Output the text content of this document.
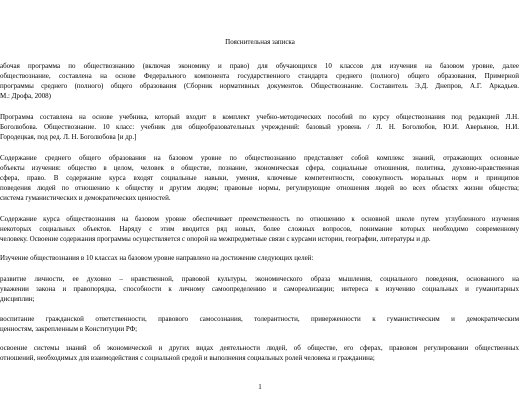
Пояснительная записка
абочая программа по обществознанию (включая экономику и право) для обучающихся 10 классов для изучения на базовом уровне, далее
обществознание, составлена на основе Федерального компонента государственного стандарта среднего (полного) общего образования, Примерной
программы среднего (полного) общего образования (Сборник нормативных документов. Обществознание. Составитель Э.Д. Днепров, А.Г. Аркадьев.
М.: Дрофа, 2008)
Программа составлена на основе учебника, который входит в комплект учебно-методических пособий по курсу обществознания под редакцией Л.Н.
Боголюбова. Обществознание. 10 класс: учебник для общеобразовательных учреждений: базовый уровень / Л. Н. Боголюбов, Ю.И. Аверьянов, Н.И.
Городецкая, под ред. Л. Н. Боголюбова [и др.]
Содержание среднего общего образования на базовом уровне по обществознанию представляет собой комплекс знаний, отражающих основные
объекты изучения: общество в целом, человек в обществе, познание, экономическая сфера, социальные отношения, политика, духовно-нравственная
сфера, право. В содержание курса входят социальные навыки, умения, ключевые компетентности, совокупность моральных норм и принципов
поведения людей по отношению к обществу и другим людям; правовые нормы, регулирующие отношения людей во всех областях жизни общества;
система гуманистических и демократических ценностей.
Содержание курса обществознания на базовом уровне обеспечивает преемственность по отношению к основной школе путем углубленного изучения
некоторых социальных объектов. Наряду с этим вводится ряд новых, более сложных вопросов, понимание которых необходимо современному
человеку. Освоение содержания программы осуществляется с опорой на межпредметные связи с курсами истории, географии, литературы и др.
Изучение обществознания в 10 классах на базовом уровне направлено на достижение следующих целей:
развитие личности, ее духовно – нравственной, правовой культуры, экономического образа мышления, социального поведения, основанного на
уважении закона и правопорядка, способности к личному самоопределению и самореализации; интереса к изучению социальных и гуманитарных
дисциплин;
воспитание гражданской ответственности, правового самосознания, толерантности, приверженности к гуманистическим и демократическим
ценностям, закрепленным в Конституции РФ;
освоение системы знаний об экономической и других видах деятельности людей, об обществе, его сферах, правовом регулировании общественных
отношений, необходимых для взаимодействия с социальной средой и выполнения социальных ролей человека и гражданина;
1
